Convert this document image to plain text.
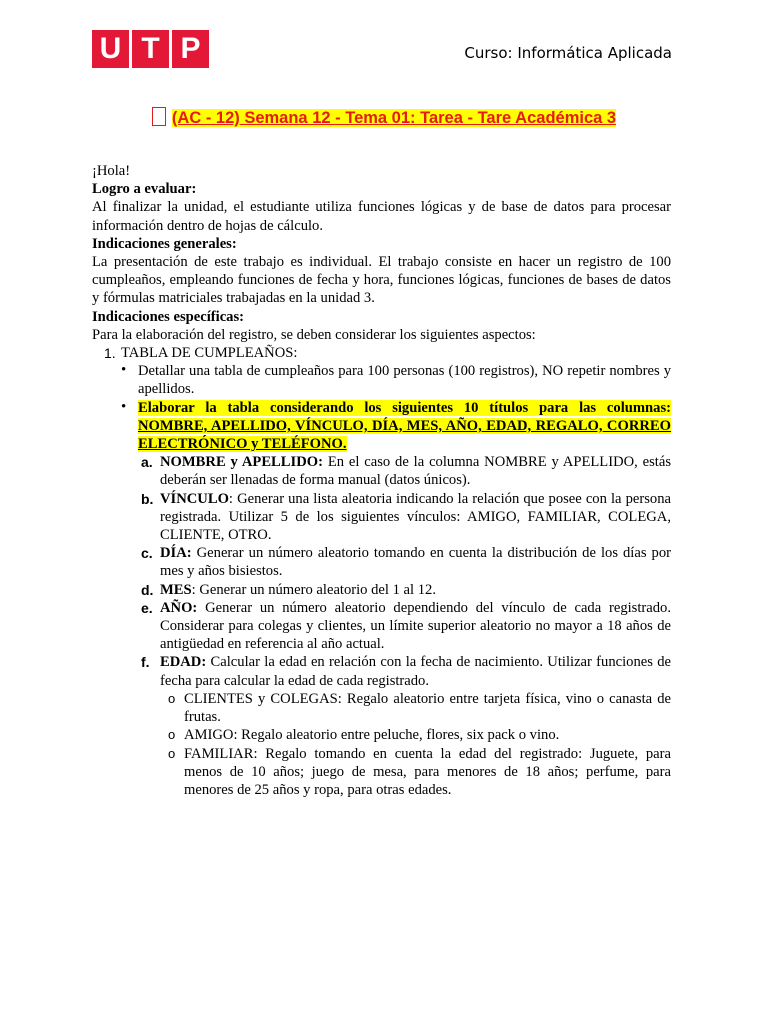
U T P	Curso: Informática Aplicada
(AC - 12) Semana 12 - Tema 01: Tarea - Tare Académica 3

¡Hola!

Logro a evaluar:

Al finalizar la unidad, el estudiante utiliza funciones lógicas y de base de datos para procesar información dentro de hojas de cálculo.

Indicaciones generales:

La presentación de este trabajo es individual. El trabajo consiste en hacer un registro de 100 cumpleaños, empleando funciones de fecha y hora, funciones lógicas, funciones de bases de datos y fórmulas matriciales trabajadas en la unidad 3.

Indicaciones específicas:

Para la elaboración del registro, se deben considerar los siguientes aspectos:

1. TABLA DE CUMPLEAÑOS:
• Detallar una tabla de cumpleaños para 100 personas (100 registros), NO repetir nombres y apellidos.

• Elaborar la tabla considerando los siguientes 10 títulos para las columnas: NOMBRE, APELLIDO, VÍNCULO, DÍA, MES, AÑO, EDAD, REGALO, CORREO ELECTRÓNICO y TELÉFONO.

a. NOMBRE y APELLIDO: En el caso de la columna NOMBRE y APELLIDO, estás deberán ser llenadas de forma manual (datos únicos).
b. VÍNCULO: Generar una lista aleatoria indicando la relación que posee con la persona registrada. Utilizar 5 de los siguientes vínculos: AMIGO, FAMILIAR, COLEGA, CLIENTE, OTRO.
c. DÍA: Generar un número aleatorio tomando en cuenta la distribución de los días por mes y años bisiestos.
d. MES: Generar un número aleatorio del 1 al 12.
e. AÑO: Generar un número aleatorio dependiendo del vínculo de cada registrado. Considerar para colegas y clientes, un límite superior aleatorio no mayor a 18 años de antigüedad en referencia al año actual.
f. EDAD: Calcular la edad en relación con la fecha de nacimiento. Utilizar funciones de fecha para calcular la edad de cada registrado.
o CLIENTES y COLEGAS: Regalo aleatorio entre tarjeta física, vino o canasta de frutas.
o AMIGO: Regalo aleatorio entre peluche, flores, six pack o vino.
o FAMILIAR: Regalo tomando en cuenta la edad del registrado: Juguete, para menos de 10 años; juego de mesa, para menores de 18 años; perfume, para menores de 25 años y ropa, para otras edades.
